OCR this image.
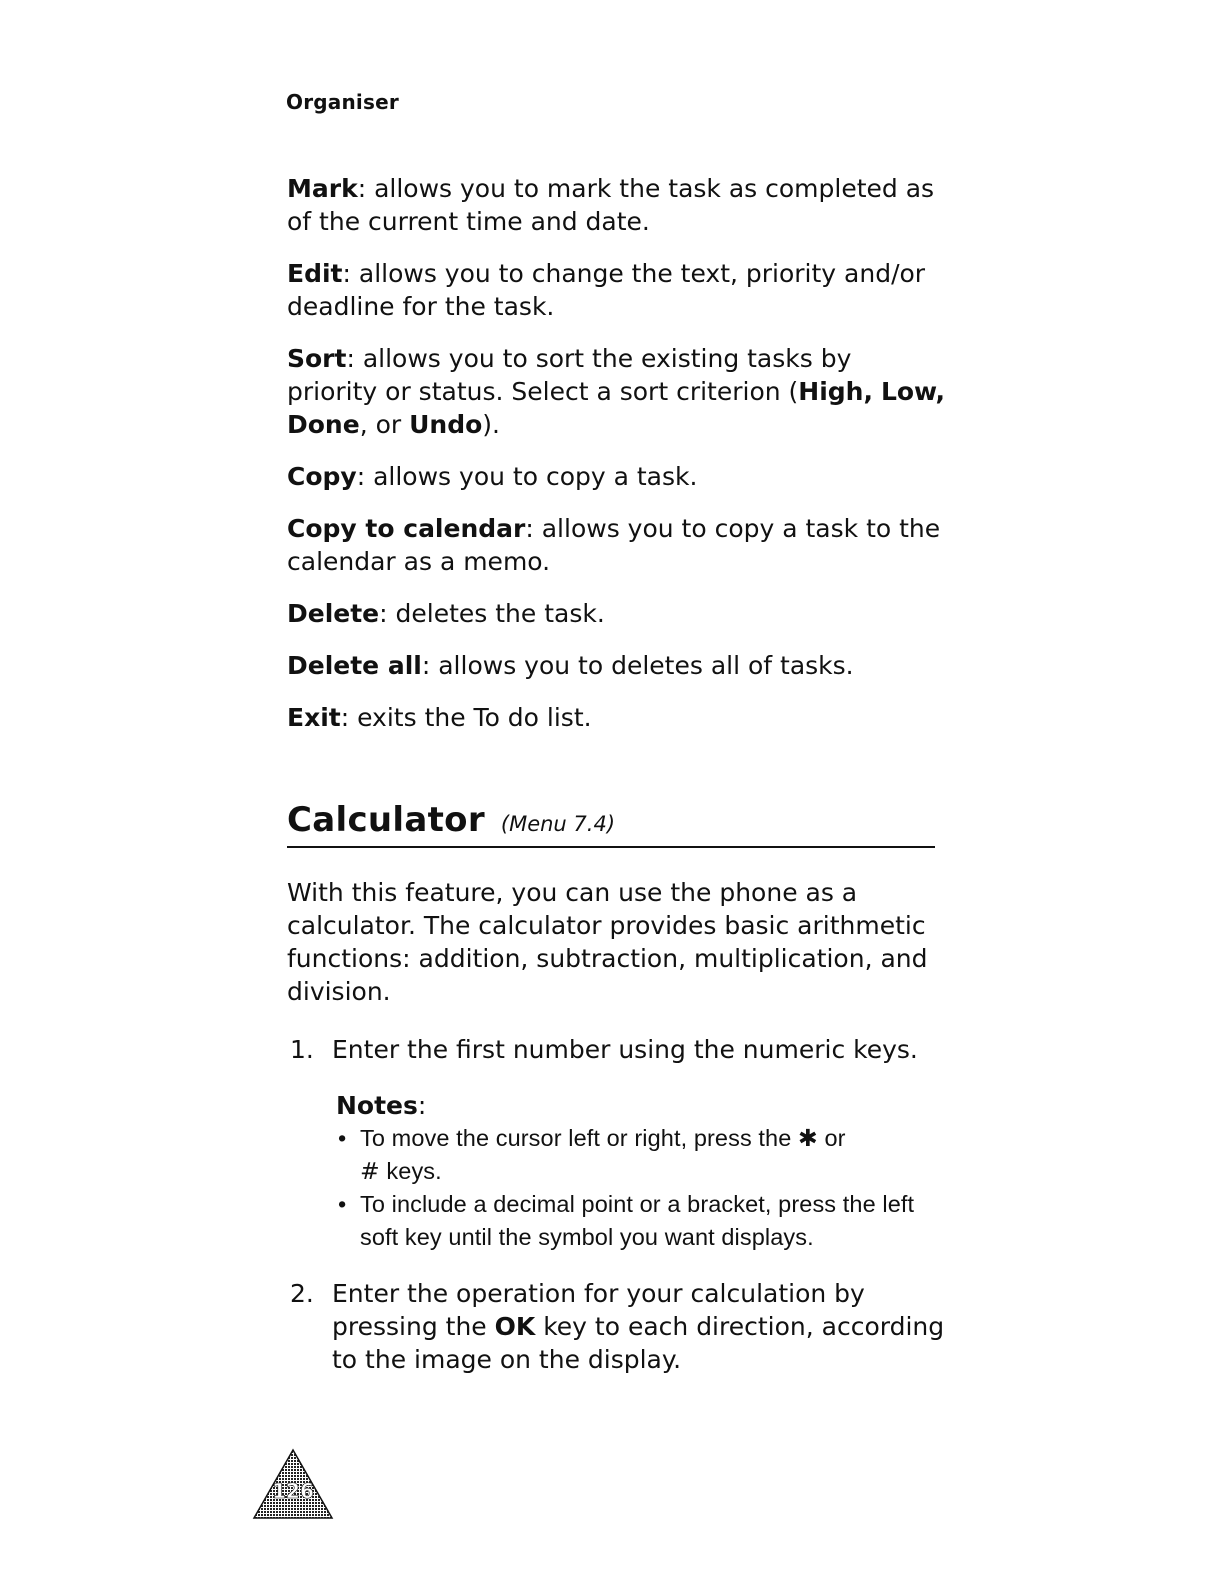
Organiser

Mark: allows you to mark the task as completed as of the current time and date.

Edit: allows you to change the text, priority and/or deadline for the task.

Sort: allows you to sort the existing tasks by priority or status. Select a sort criterion (High, Low, Done, or Undo).

Copy: allows you to copy a task.

Copy to calendar: allows you to copy a task to the calendar as a memo.

Delete: deletes the task.

Delete all: allows you to deletes all of tasks.

Exit: exits the To do list.

Calculator (Menu 7.4)

With this feature, you can use the phone as a calculator. The calculator provides basic arithmetic functions: addition, subtraction, multiplication, and division.

1. Enter the first number using the numeric keys.
Notes:
• To move the cursor left or right, press the ✱ or
# keys.
• To include a decimal point or a bracket, press the left soft key until the symbol you want displays.
2. Enter the operation for your calculation by pressing the OK key to each direction, according to the image on the display.
126
